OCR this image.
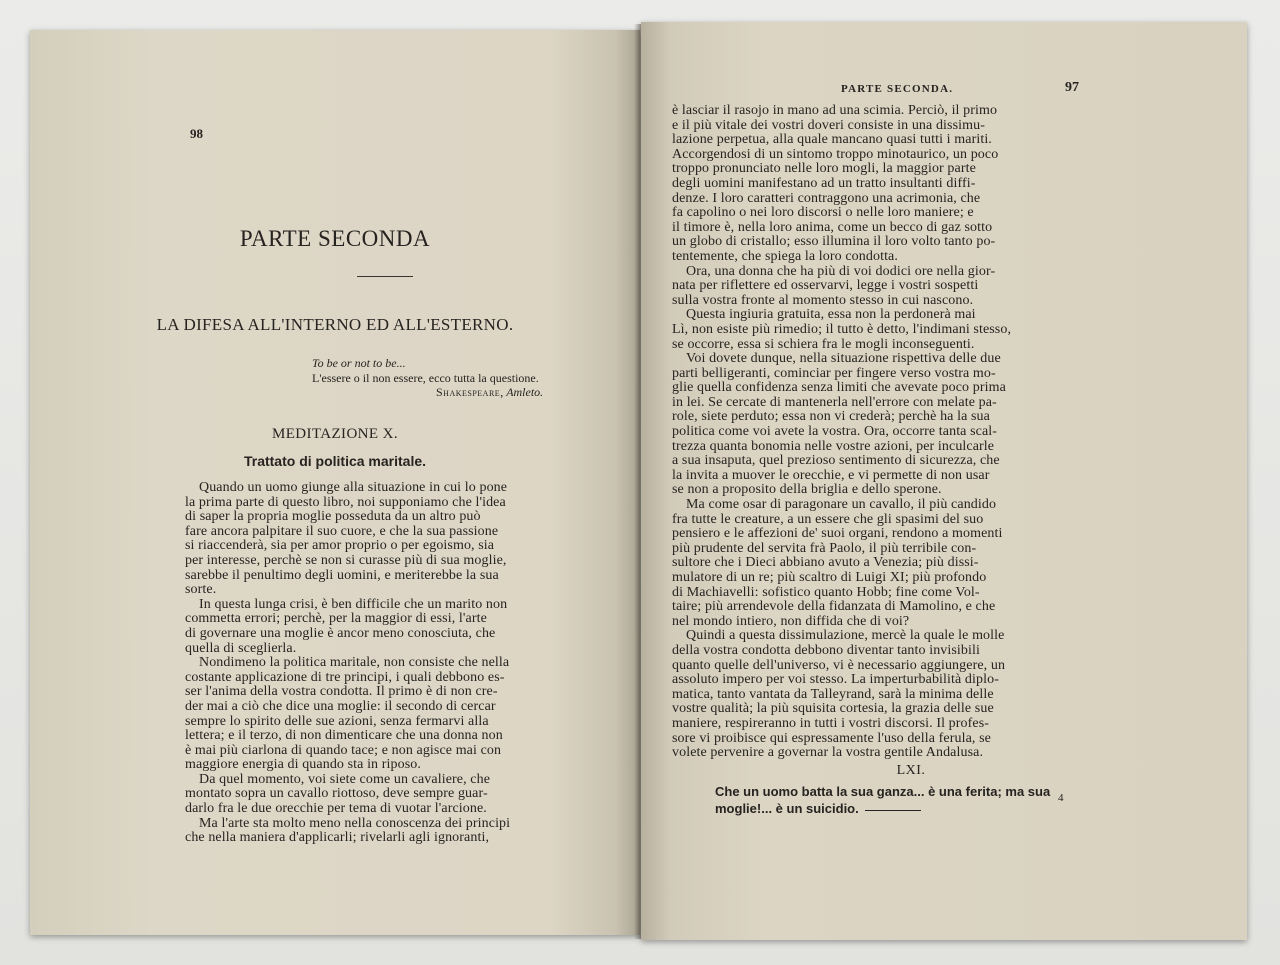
98
PARTE SECONDA
LA DIFESA ALL'INTERNO ED ALL'ESTERNO.
To be or not to be...
L'essere o il non essere, ecco tutta la questione.
Shakespeare, Amleto.
MEDITAZIONE X.
Trattato di politica maritale.
Quando un uomo giunge alla situazione in cui lo pone
la prima parte di questo libro, noi supponiamo che l'idea
di saper la propria moglie posseduta da un altro può
fare ancora palpitare il suo cuore, e che la sua passione
si riaccenderà, sia per amor proprio o per egoismo, sia
per interesse, perchè se non si curasse più di sua moglie,
sarebbe il penultimo degli uomini, e meriterebbe la sua
sorte.
In questa lunga crisi, è ben difficile che un marito non
commetta errori; perchè, per la maggior di essi, l'arte
di governare una moglie è ancor meno conosciuta, che
quella di sceglierla.
Nondimeno la politica maritale, non consiste che nella
costante applicazione di tre principi, i quali debbono es-
ser l'anima della vostra condotta. Il primo è di non cre-
der mai a ciò che dice una moglie: il secondo di cercar
sempre lo spirito delle sue azioni, senza fermarvi alla
lettera; e il terzo, di non dimenticare che una donna non
è mai più ciarlona di quando tace; e non agisce mai con
maggiore energia di quando sta in riposo.
Da quel momento, voi siete come un cavaliere, che
montato sopra un cavallo riottoso, deve sempre guar-
darlo fra le due orecchie per tema di vuotar l'arcione.
Ma l'arte sta molto meno nella conoscenza dei principi
che nella maniera d'applicarli; rivelarli agli ignoranti,
PARTE SECONDA.	97
è lasciar il rasojo in mano ad una scimia. Perciò, il primo
e il più vitale dei vostri doveri consiste in una dissimu-
lazione perpetua, alla quale mancano quasi tutti i mariti.
Accorgendosi di un sintomo troppo minotaurico, un poco
troppo pronunciato nelle loro mogli, la maggior parte
degli uomini manifestano ad un tratto insultanti diffi-
denze. I loro caratteri contraggono una acrimonia, che
fa capolino o nei loro discorsi o nelle loro maniere; e
il timore è, nella loro anima, come un becco di gaz sotto
un globo di cristallo; esso illumina il loro volto tanto po-
tentemente, che spiega la loro condotta.
Ora, una donna che ha più di voi dodici ore nella gior-
nata per riflettere ed osservarvi, legge i vostri sospetti
sulla vostra fronte al momento stesso in cui nascono.
Questa ingiuria gratuita, essa non la perdonerà mai
Lì, non esiste più rimedio; il tutto è detto, l'indimani stesso,
se occorre, essa si schiera fra le mogli inconseguenti.
Voi dovete dunque, nella situazione rispettiva delle due
parti belligeranti, cominciar per fingere verso vostra mo-
glie quella confidenza senza limiti che avevate poco prima
in lei. Se cercate di mantenerla nell'errore con melate pa-
role, siete perduto; essa non vi crederà; perchè ha la sua
politica come voi avete la vostra. Ora, occorre tanta scal-
trezza quanta bonomia nelle vostre azioni, per inculcarle
a sua insaputa, quel prezioso sentimento di sicurezza, che
la invita a muover le orecchie, e vi permette di non usar
se non a proposito della briglia e dello sperone.
Ma come osar di paragonare un cavallo, il più candido
fra tutte le creature, a un essere che gli spasimi del suo
pensiero e le affezioni de' suoi organi, rendono a momenti
più prudente del servita frà Paolo, il più terribile con-
sultore che i Dieci abbiano avuto a Venezia; più dissi-
mulatore di un re; più scaltro di Luigi XI; più profondo
di Machiavelli: sofistico quanto Hobb; fine come Vol-
taire; più arrendevole della fidanzata di Mamolino, e che
nel mondo intiero, non diffida che di voi?
Quindi a questa dissimulazione, mercè la quale le molle
della vostra condotta debbono diventar tanto invisibili
quanto quelle dell'universo, vi è necessario aggiungere, un
assoluto impero per voi stesso. La imperturbabilità diplo-
matica, tanto vantata da Talleyrand, sarà la minima delle
vostre qualità; la più squisita cortesia, la grazia delle sue
maniere, respireranno in tutti i vostri discorsi. Il profes-
sore vi proibisce qui espressamente l'uso della ferula, se
volete pervenire a governar la vostra gentile Andalusa.
LXI.
Che un uomo batta la sua ganza... è una ferita; ma sua
moglie!... è un suicidio.
4
